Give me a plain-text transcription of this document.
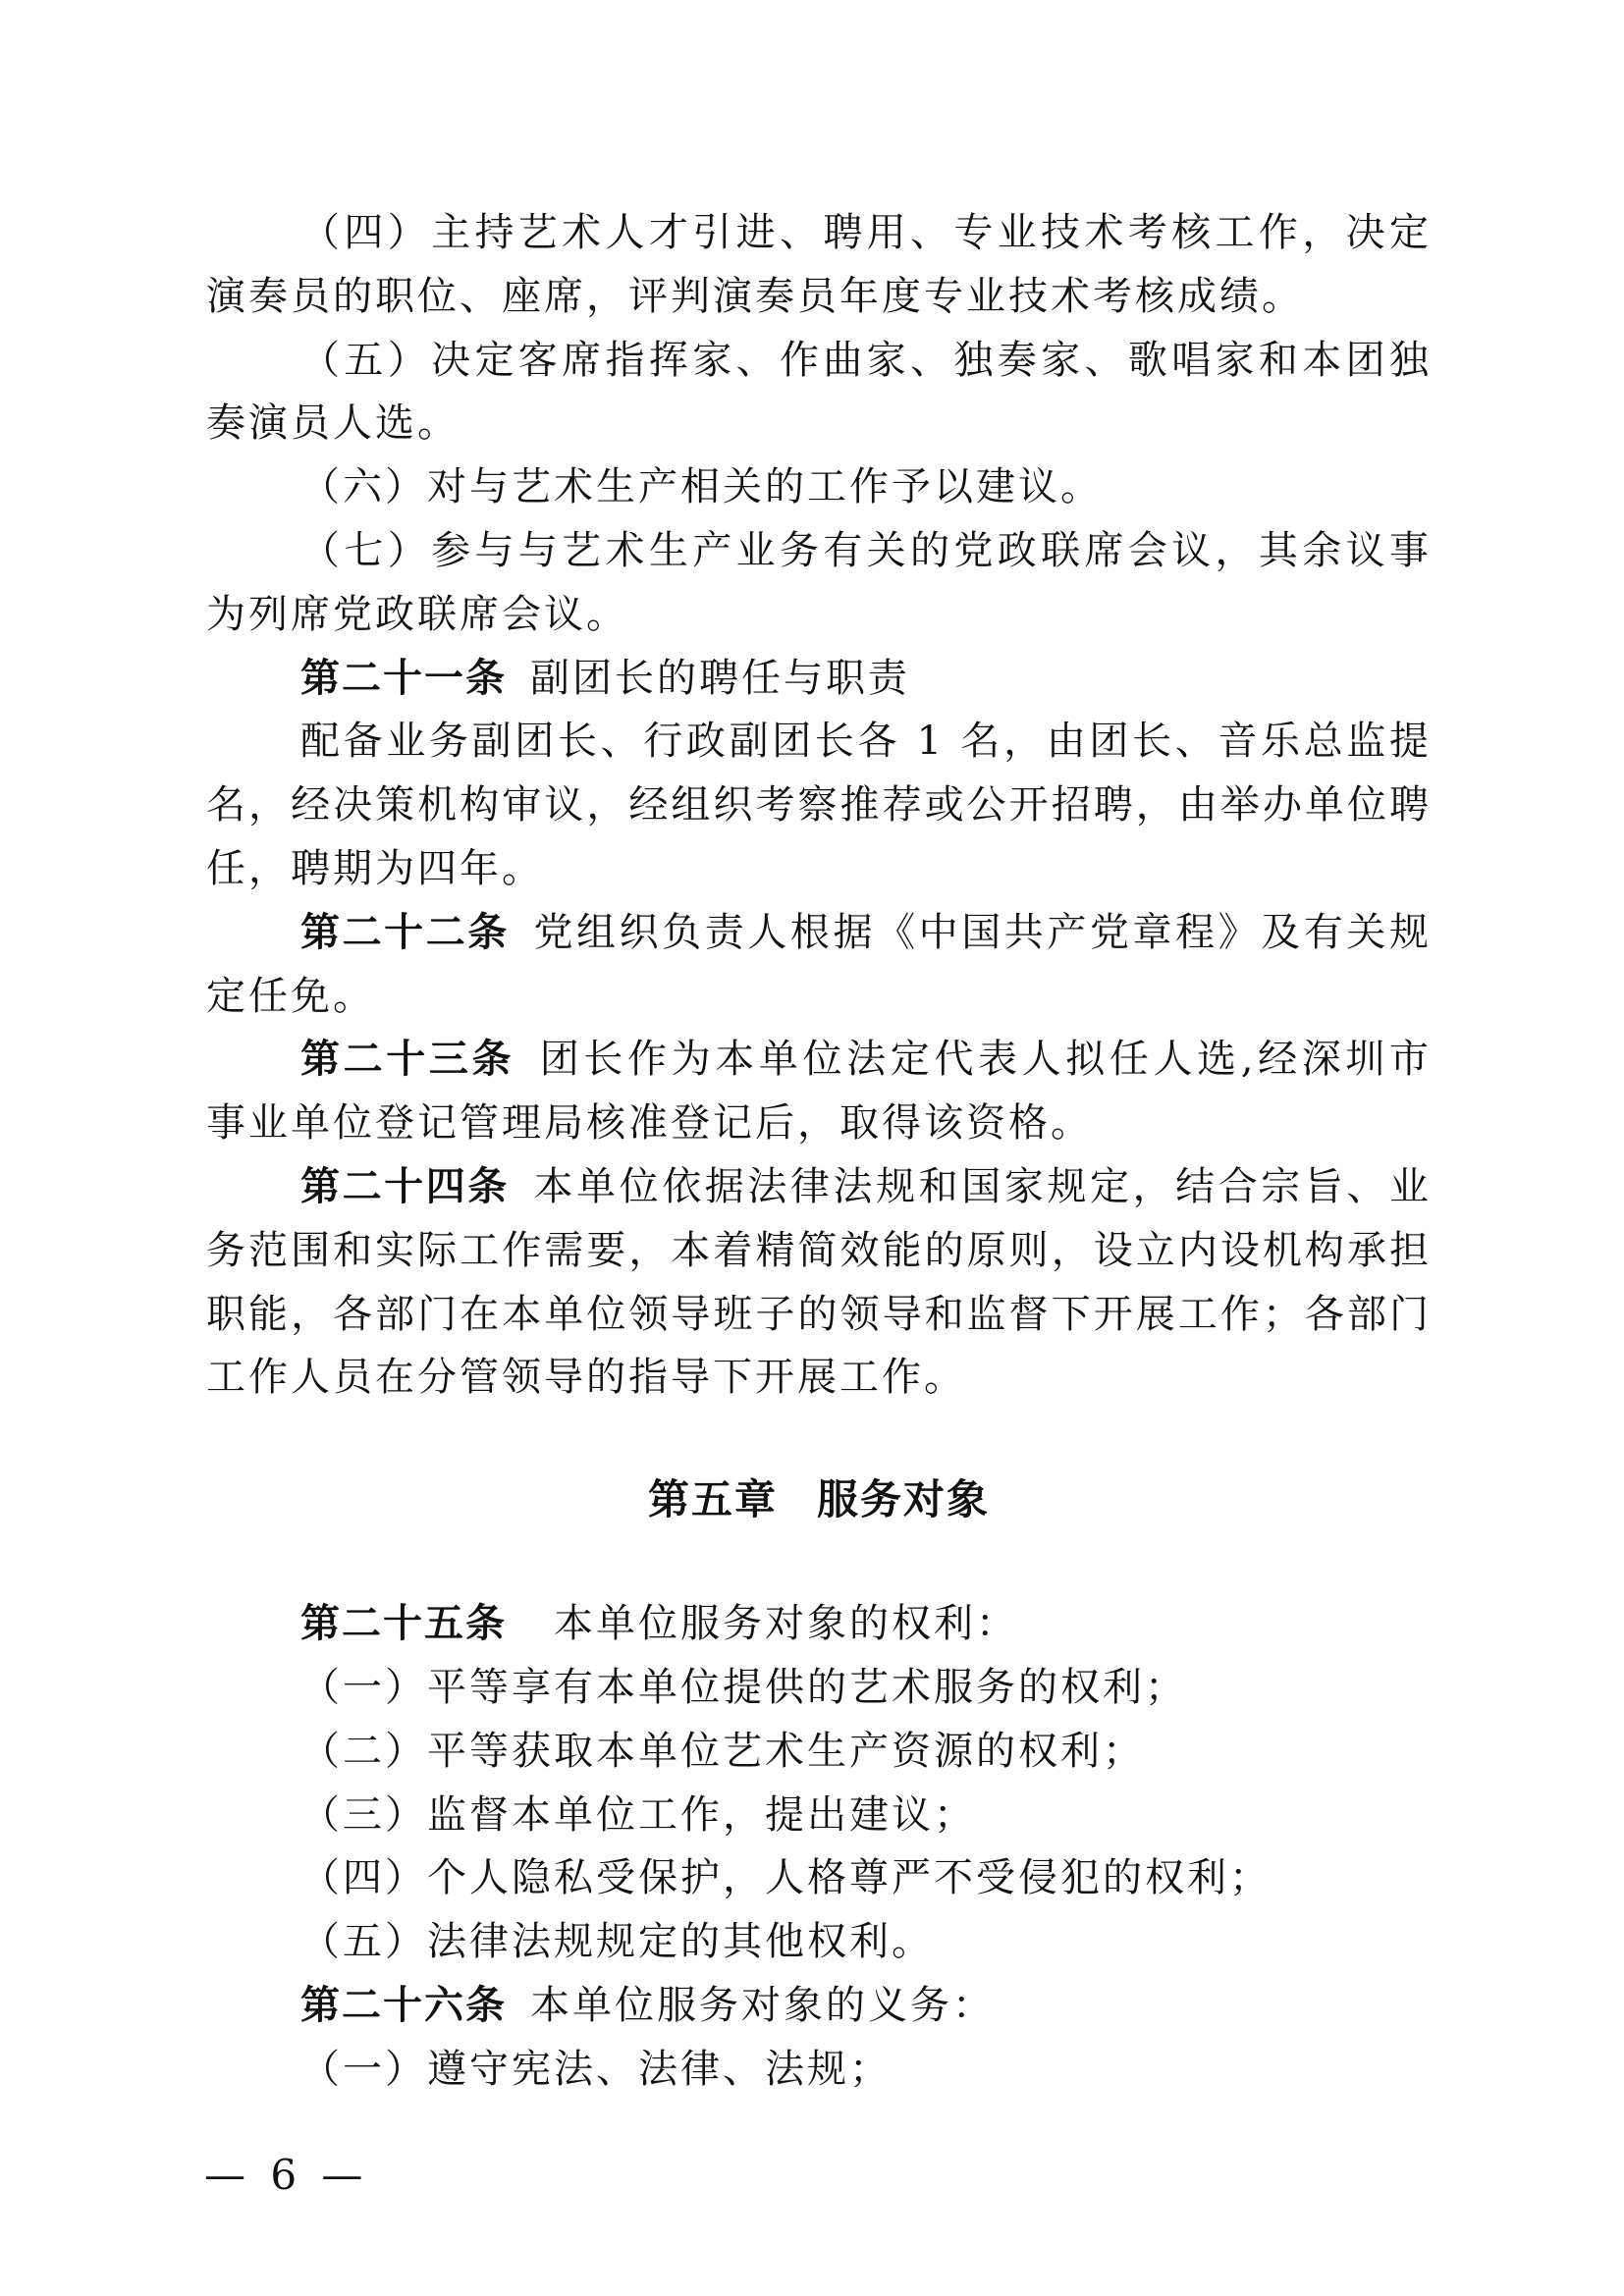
（四）主持艺术人才引进、聘用、专业技术考核工作，决定演奏员的职位、座席，评判演奏员年度专业技术考核成绩。

（五）决定客席指挥家、作曲家、独奏家、歌唱家和本团独奏演员人选。

（六）对与艺术生产相关的工作予以建议。

（七）参与与艺术生产业务有关的党政联席会议，其余议事为列席党政联席会议。

第二十一条 副团长的聘任与职责

配备业务副团长、行政副团长各 1 名，由团长、音乐总监提名，经决策机构审议，经组织考察推荐或公开招聘，由举办单位聘任，聘期为四年。

第二十二条 党组织负责人根据《中国共产党章程》及有关规定任免。

第二十三条 团长作为本单位法定代表人拟任人选,经深圳市事业单位登记管理局核准登记后，取得该资格。

第二十四条 本单位依据法律法规和国家规定，结合宗旨、业务范围和实际工作需要，本着精简效能的原则，设立内设机构承担职能，各部门在本单位领导班子的领导和监督下开展工作；各部门工作人员在分管领导的指导下开展工作。

第五章 服务对象

第二十五条 本单位服务对象的权利：

（一）平等享有本单位提供的艺术服务的权利；

（二）平等获取本单位艺术生产资源的权利；

（三）监督本单位工作，提出建议；

（四）个人隐私受保护，人格尊严不受侵犯的权利；

（五）法律法规规定的其他权利。

第二十六条 本单位服务对象的义务：

（一）遵守宪法、法律、法规；

— 6 —
